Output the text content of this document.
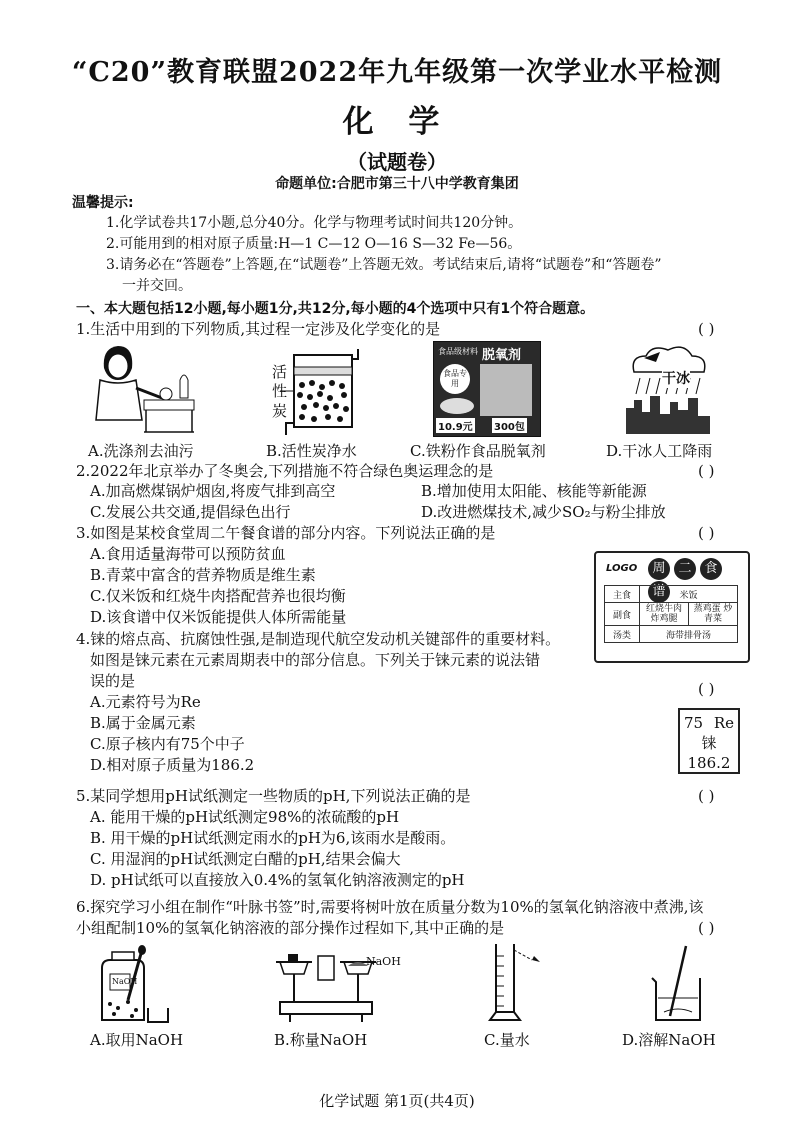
“C20”教育联盟2022年九年级第一次学业水平检测
化 学
（试题卷）
命题单位:合肥市第三十八中学教育集团
温馨提示:
1.化学试卷共17小题,总分40分。化学与物理考试时间共120分钟。
2.可能用到的相对原子质量:H—1 C—12 O—16 S—32 Fe—56。
3.请务必在“答题卷”上答题,在“试题卷”上答题无效。考试结束后,请将“试题卷”和“答题卷”
一并交回。
一、本大题包括12小题,每小题1分,共12分,每小题的4个选项中只有1个符合题意。
1.生活中用到的下列物质,其过程一定涉及化学变化的是	( )
活
性
炭
食品级材料 脱氧剂
食品专用
10.9元 300包
干冰
A.洗涤剂去油污	B.活性炭净水	C.铁粉作食品脱氧剂	D.干冰人工降雨
2.2022年北京举办了冬奥会,下列措施不符合绿色奥运理念的是	( )
A.加高燃煤锅炉烟囱,将废气排到高空	B.增加使用太阳能、核能等新能源
C.发展公共交通,提倡绿色出行	D.改进燃煤技术,减少SO₂与粉尘排放
3.如图是某校食堂周二午餐食谱的部分内容。下列说法正确的是	( )
A.食用适量海带可以预防贫血
B.青菜中富含的营养物质是维生素
C.仅米饭和红烧牛肉搭配营养也很均衡
D.该食谱中仅米饭能提供人体所需能量
LOGO	周 二 食谱
主食	米饭	
副食	红烧牛肉 炸鸡腿	蒸鸡蛋 炒青菜
汤类	海带排骨汤	
4.铼的熔点高、抗腐蚀性强,是制造现代航空发动机关键部件的重要材料。
如图是铼元素在元素周期表中的部分信息。下列关于铼元素的说法错
误的是	( )
A.元素符号为Re
B.属于金属元素
C.原子核内有75个中子
D.相对原子质量为186.2
75 Re
铼
186.2
5.某同学想用pH试纸测定一些物质的pH,下列说法正确的是	( )
A. 能用干燥的pH试纸测定98%的浓硫酸的pH
B. 用干燥的pH试纸测定雨水的pH为6,该雨水是酸雨。
C. 用湿润的pH试纸测定白醋的pH,结果会偏大
D. pH试纸可以直接放入0.4%的氢氧化钠溶液测定的pH
6.探究学习小组在制作“叶脉书签”时,需要将树叶放在质量分数为10%的氢氧化钠溶液中煮沸,该
小组配制10%的氢氧化钠溶液的部分操作过程如下,其中正确的是	( )
NaOH
NaOH
A.取用NaOH	B.称量NaOH	C.量水	D.溶解NaOH
化学试题 第1页(共4页)
